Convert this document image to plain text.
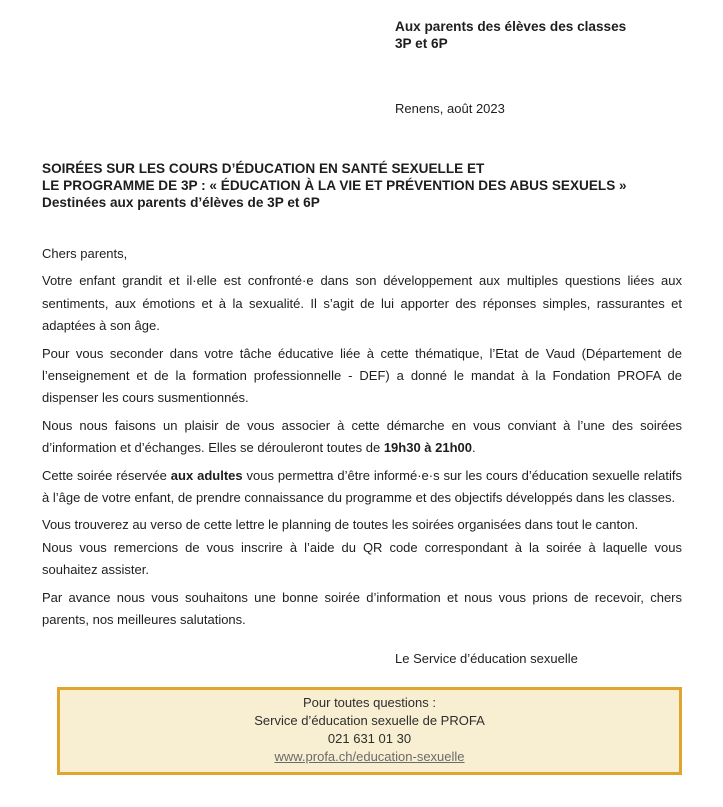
Aux parents des élèves des classes
3P et 6P
Renens, août 2023
SOIRÉES SUR LES COURS D’ÉDUCATION EN SANTÉ SEXUELLE ET
LE PROGRAMME DE 3P : « ÉDUCATION À LA VIE ET PRÉVENTION DES ABUS SEXUELS »
Destinées aux parents d’élèves de 3P et 6P
Chers parents,

Votre enfant grandit et il·elle est confronté·e dans son développement aux multiples questions liées aux sentiments, aux émotions et à la sexualité. Il s’agit de lui apporter des réponses simples, rassurantes et adaptées à son âge.

Pour vous seconder dans votre tâche éducative liée à cette thématique, l’Etat de Vaud (Département de l’enseignement et de la formation professionnelle - DEF) a donné le mandat à la Fondation PROFA de dispenser les cours susmentionnés.

Nous nous faisons un plaisir de vous associer à cette démarche en vous conviant à l’une des soirées d’information et d’échanges. Elles se dérouleront toutes de 19h30 à 21h00.

Cette soirée réservée aux adultes vous permettra d’être informé·e·s sur les cours d’éducation sexuelle relatifs à l’âge de votre enfant, de prendre connaissance du programme et des objectifs développés dans les classes.

Vous trouverez au verso de cette lettre le planning de toutes les soirées organisées dans tout le canton.
Nous vous remercions de vous inscrire à l’aide du QR code correspondant à la soirée à laquelle vous souhaitez assister.

Par avance nous vous souhaitons une bonne soirée d’information et nous vous prions de recevoir, chers parents, nos meilleures salutations.

Le Service d’éducation sexuelle
Pour toutes questions :
Service d’éducation sexuelle de PROFA
021 631 01 30
www.profa.ch/education-sexuelle
